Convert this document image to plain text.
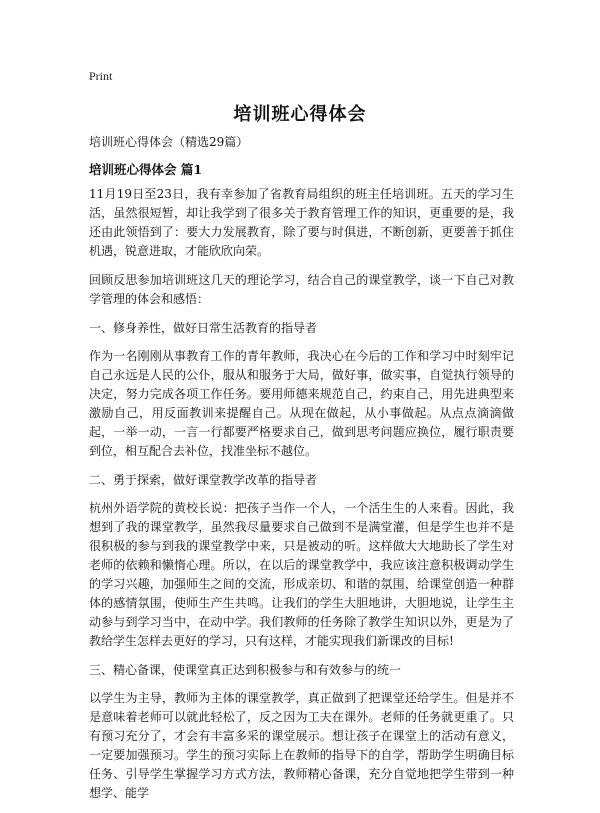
Print
培训班心得体会

培训班心得体会（精选29篇）

培训班心得体会 篇1

11月19日至23日，我有幸参加了省教育局组织的班主任培训班。五天的学习生活，虽然很短暂，却让我学到了很多关于教育管理工作的知识，更重要的是，我还由此领悟到了：要大力发展教育，除了要与时俱进，不断创新，更要善于抓住机遇，锐意进取，才能欣欣向荣。

回顾反思参加培训班这几天的理论学习，结合自己的课堂教学，谈一下自己对教学管理的体会和感悟：

一、修身养性，做好日常生活教育的指导者

作为一名刚刚从事教育工作的青年教师，我决心在今后的工作和学习中时刻牢记自己永远是人民的公仆，服从和服务于大局，做好事，做实事，自觉执行领导的决定，努力完成各项工作任务。要用师德来规范自己，约束自己，用先进典型来激励自己，用反面教训来提醒自己。从现在做起，从小事做起。从点点滴滴做起，一举一动，一言一行都要严格要求自己，做到思考问题应换位，履行职责要到位，相互配合去补位，找准坐标不越位。

二、勇于探索，做好课堂教学改革的指导者

杭州外语学院的黄校长说：把孩子当作一个人，一个活生生的人来看。因此，我想到了我的课堂教学，虽然我尽量要求自己做到不是满堂灌，但是学生也并不是很积极的参与到我的课堂教学中来，只是被动的听。这样做大大地助长了学生对老师的依赖和懒惰心理。所以，在以后的课堂教学中，我应该注意积极调动学生的学习兴趣，加强师生之间的交流，形成亲切、和谐的氛围，给课堂创造一种群体的感情氛围，使师生产生共鸣。让我们的学生大胆地讲，大胆地说，让学生主动参与到学习当中，在动中学。我们教师的任务除了教学生知识以外，更是为了教给学生怎样去更好的学习，只有这样，才能实现我们新课改的目标!

三、精心备课，使课堂真正达到积极参与和有效参与的统一

以学生为主导，教师为主体的课堂教学，真正做到了把课堂还给学生。但是并不是意味着老师可以就此轻松了，反之因为工夫在课外。老师的任务就更重了。只有预习充分了，才会有丰富多采的课堂展示。想让孩子在课堂上的活动有意义，一定要加强预习。学生的预习实际上在教师的指导下的自学，帮助学生明确目标任务、引导学生掌握学习方式方法，教师精心备课，充分自觉地把学生带到一种想学、能学
